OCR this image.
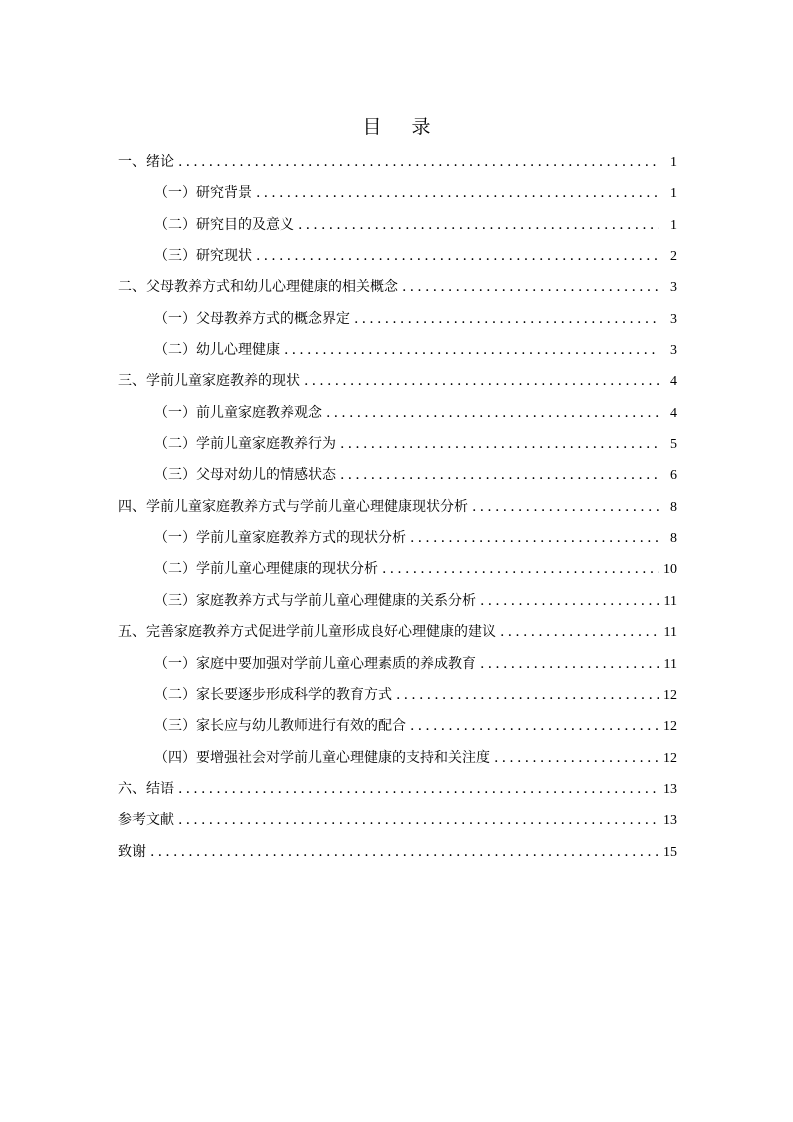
目 录
一、绪论 .....	1
（一）研究背景 .....	1
（二）研究目的及意义 .....	1
（三）研究现状 .....	2
二、父母教养方式和幼儿心理健康的相关概念 .....	3
（一）父母教养方式的概念界定 .....	3
（二）幼儿心理健康 .....	3
三、学前儿童家庭教养的现状 .....	4
（一）前儿童家庭教养观念 .....	4
（二）学前儿童家庭教养行为 .....	5
（三）父母对幼儿的情感状态 .....	6
四、学前儿童家庭教养方式与学前儿童心理健康现状分析 .....	8
（一）学前儿童家庭教养方式的现状分析 .....	8
（二）学前儿童心理健康的现状分析 .....	10
（三）家庭教养方式与学前儿童心理健康的关系分析 .....	11
五、完善家庭教养方式促进学前儿童形成良好心理健康的建议 .....	11
（一）家庭中要加强对学前儿童心理素质的养成教育 .....	11
（二）家长要逐步形成科学的教育方式 .....	12
（三）家长应与幼儿教师进行有效的配合 .....	12
（四）要增强社会对学前儿童心理健康的支持和关注度 .....	12
六、结语 .....	13
参考文献 .....	13
致谢 .....	15
